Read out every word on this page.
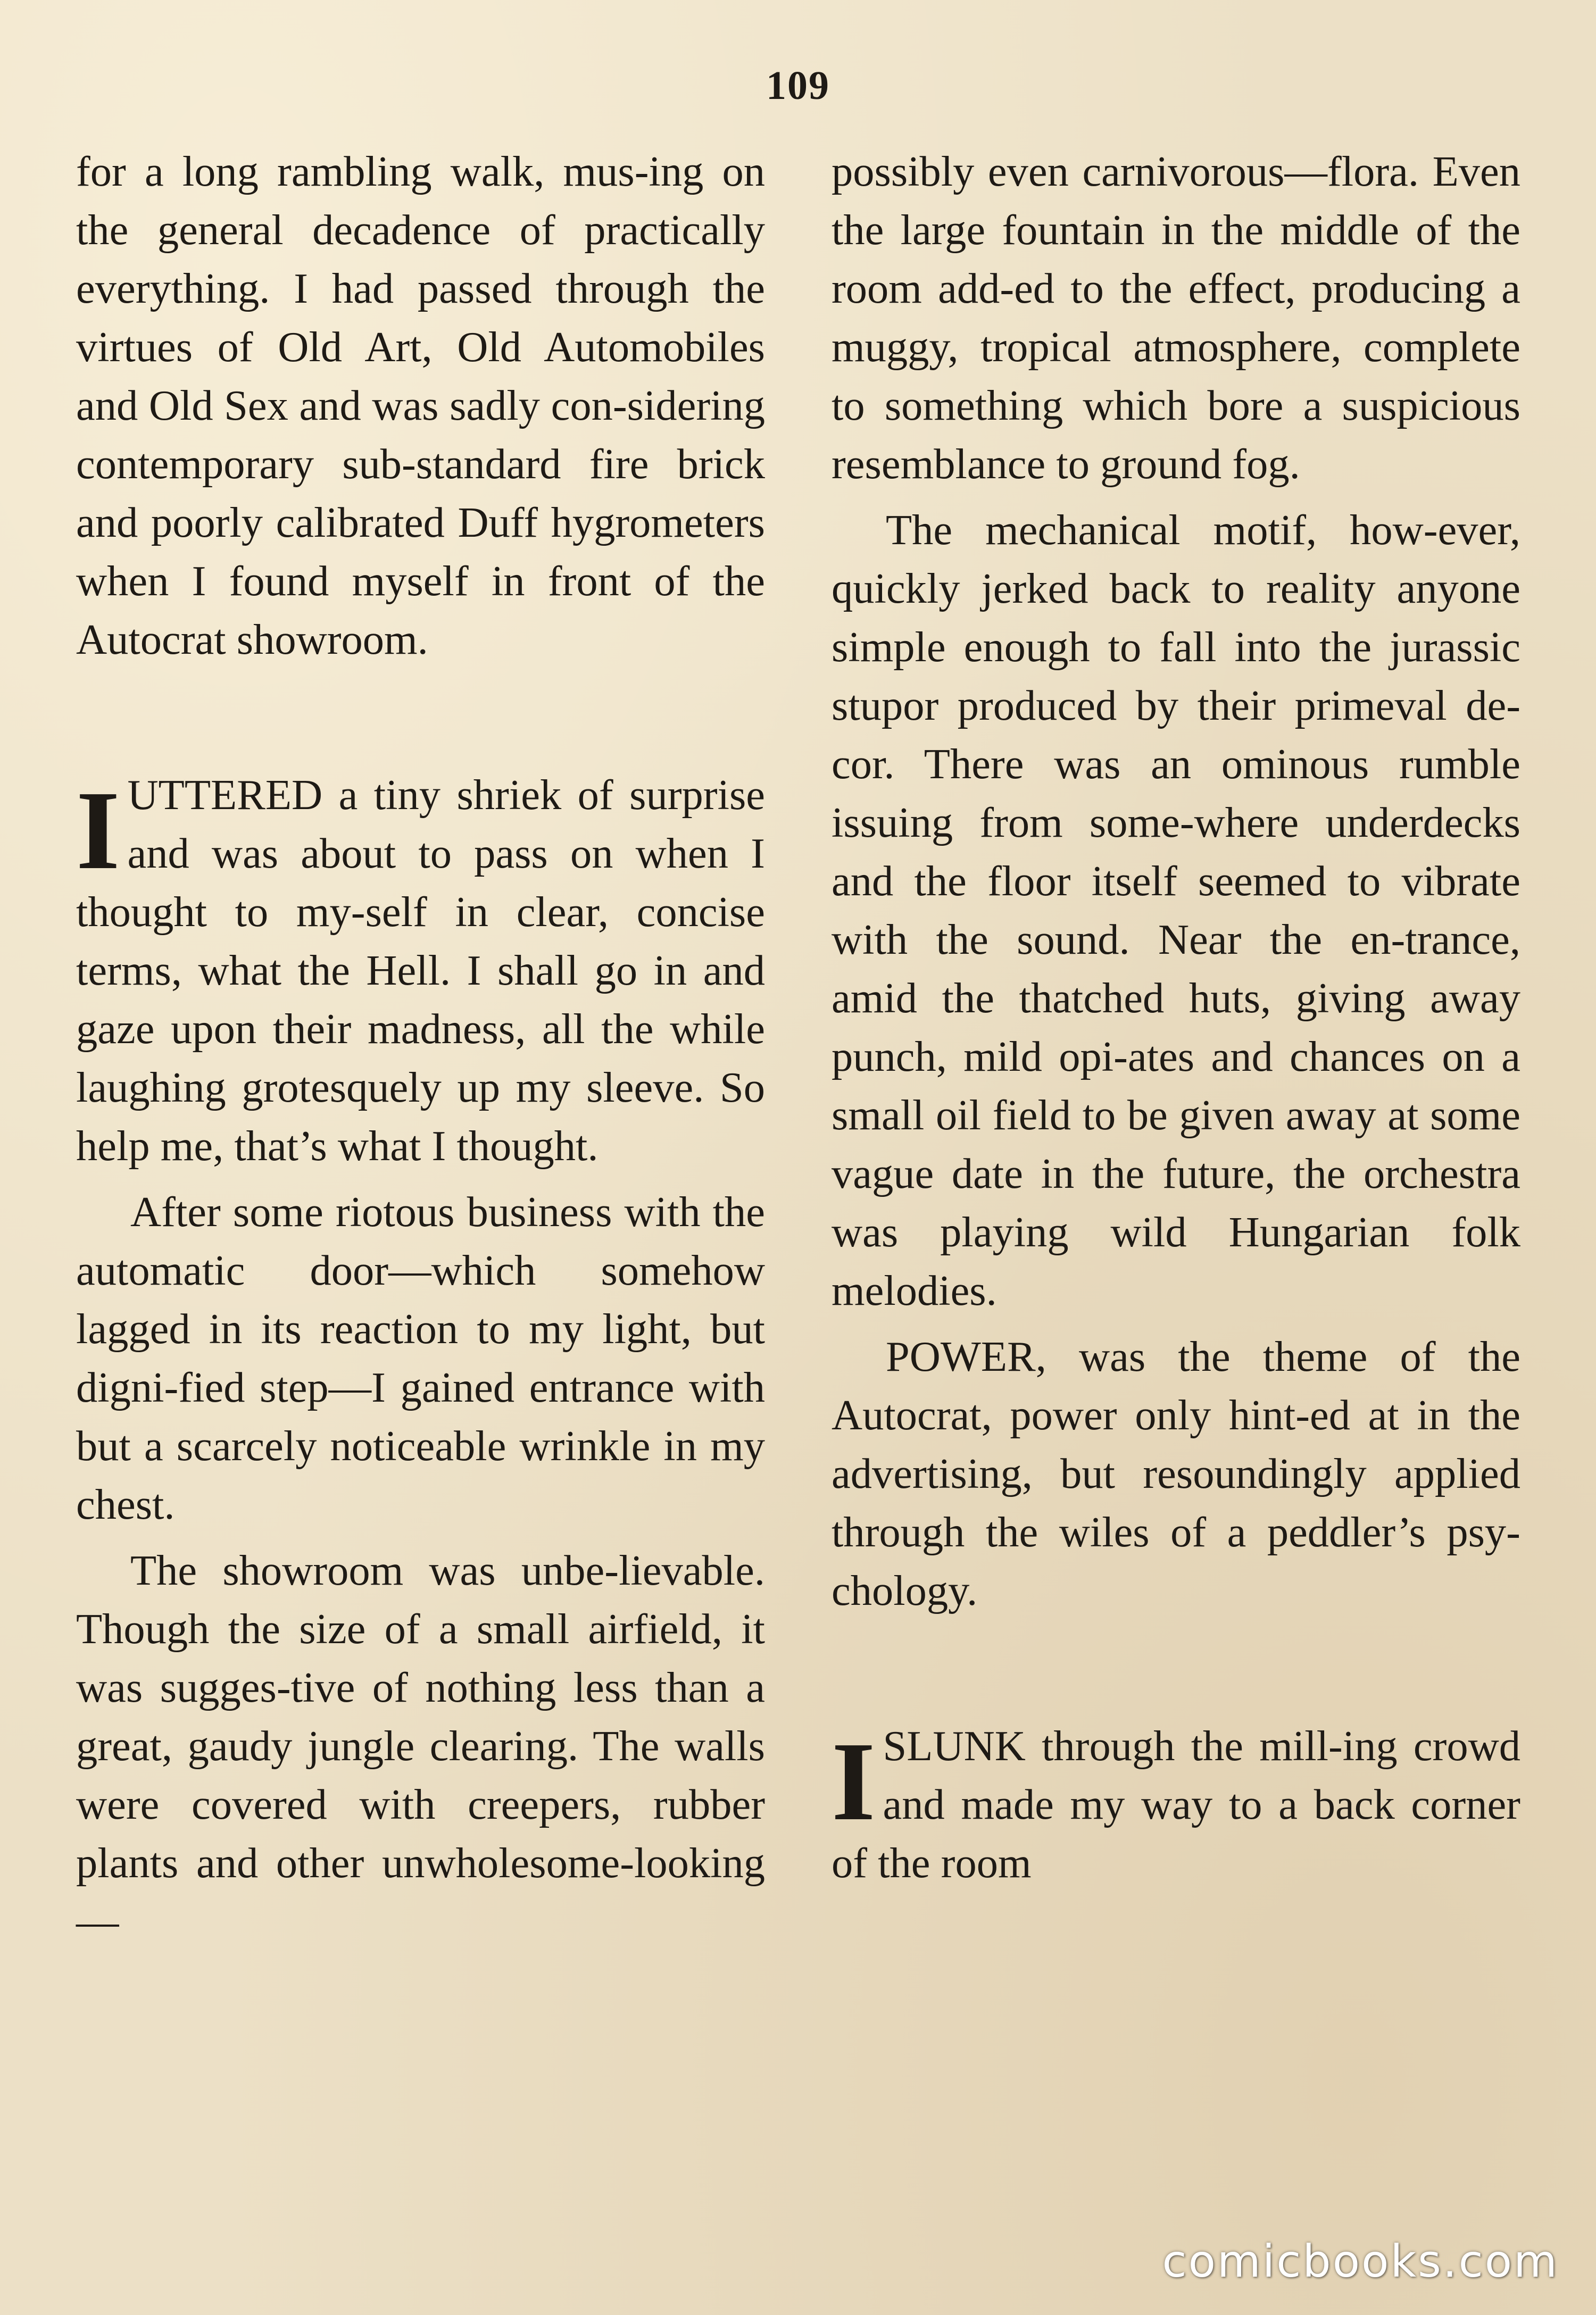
109

for a long rambling walk, mus-ing on the general decadence of practically everything. I had passed through the virtues of Old Art, Old Automobiles and Old Sex and was sadly con-sidering contemporary sub-standard fire brick and poorly calibrated Duff hygrometers when I found myself in front of the Autocrat showroom.

I UTTERED a tiny shriek of surprise and was about to pass on when I thought to my-self in clear, concise terms, what the Hell. I shall go in and gaze upon their madness, all the while laughing grotesquely up my sleeve. So help me, that’s what I thought.

After some riotous business with the automatic door—which somehow lagged in its reaction to my light, but digni-fied step—I gained entrance with but a scarcely noticeable wrinkle in my chest.

The showroom was unbe-lievable. Though the size of a small airfield, it was sugges-tive of nothing less than a great, gaudy jungle clearing. The walls were covered with creepers, rubber plants and other unwholesome-looking—

possibly even carnivorous—flora. Even the large fountain in the middle of the room add-ed to the effect, producing a muggy, tropical atmosphere, complete to something which bore a suspicious resemblance to ground fog.

The mechanical motif, how-ever, quickly jerked back to reality anyone simple enough to fall into the jurassic stupor produced by their primeval de-cor. There was an ominous rumble issuing from some-where underdecks and the floor itself seemed to vibrate with the sound. Near the en-trance, amid the thatched huts, giving away punch, mild opi-ates and chances on a small oil field to be given away at some vague date in the future, the orchestra was playing wild Hungarian folk melodies.

POWER, was the theme of the Autocrat, power only hint-ed at in the advertising, but resoundingly applied through the wiles of a peddler’s psy-chology.

I SLUNK through the mill-ing crowd and made my way to a back corner of the room

comicbooks.com
